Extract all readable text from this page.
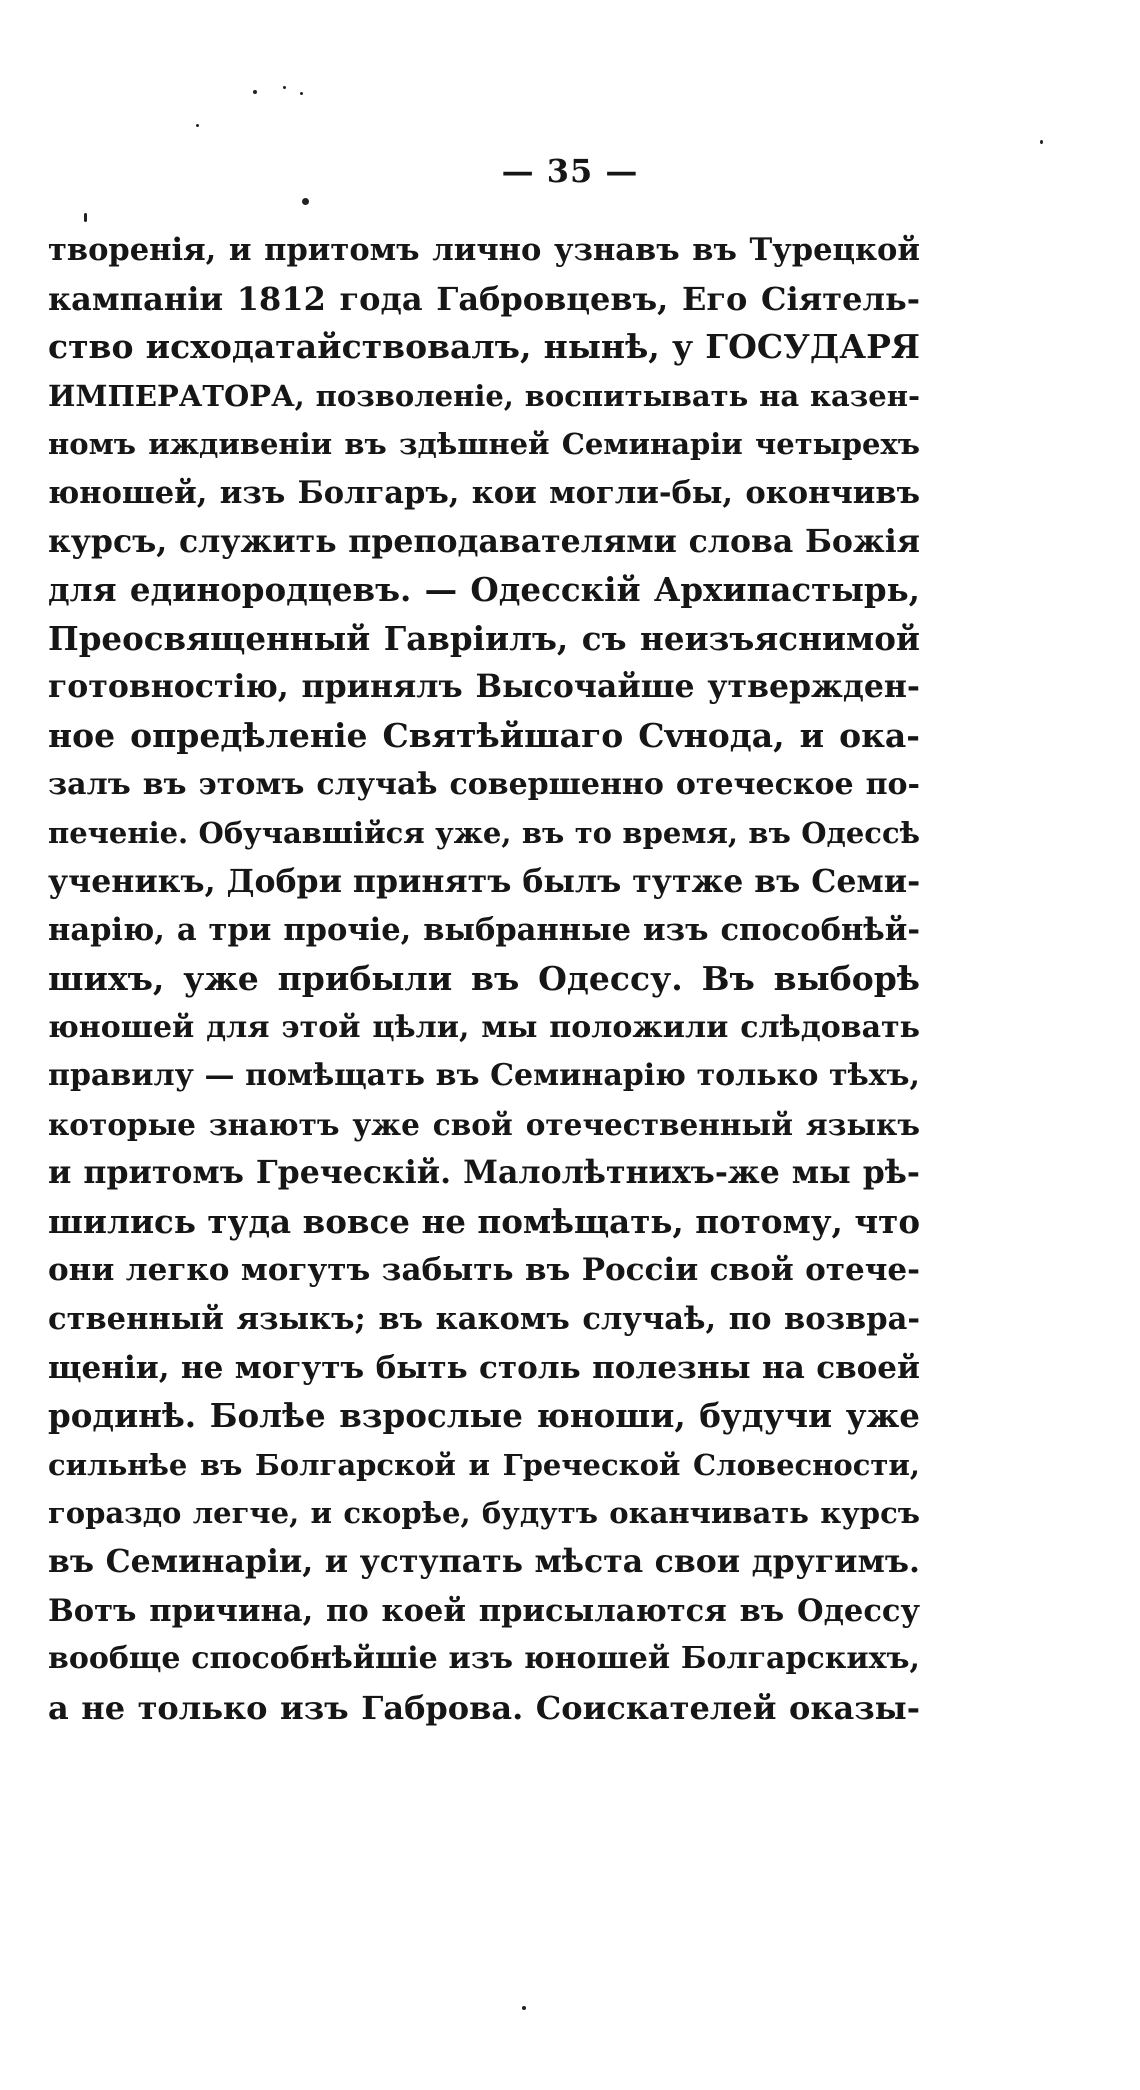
— 35 —
творенія, и притомъ лично узнавъ въ Турецкой
кампаніи 1812 года Габровцевъ, Его Сіятель-
ство исходатайствовалъ, нынѣ, у ГОСУДАРЯ
ИМПЕРАТОРА, позволеніе, воспитывать на казен-
номъ иждивеніи въ здѣшней Семинаріи четырехъ
юношей, изъ Болгаръ, кои могли-бы, окончивъ
курсъ, служить преподавателями слова Божія
для единородцевъ. — Одесскій Архипастырь,
Преосвященный Гавріилъ, съ неизъяснимой
готовностію, принялъ Высочайше утвержден-
ное опредѣленіе Святѣйшаго Сvнода, и ока-
залъ въ этомъ случаѣ совершенно отеческое по-
печеніе. Обучавшійся уже, въ то время, въ Одессѣ
ученикъ, Добри принятъ былъ тутже въ Семи-
нарію, а три прочіе, выбранные изъ способнѣй-
шихъ, уже прибыли въ Одессу. Въ выборѣ
юношей для этой цѣли, мы положили слѣдовать
правилу — помѣщать въ Семинарію только тѣхъ,
которые знаютъ уже свой отечественный языкъ
и притомъ Греческій. Малолѣтнихъ-же мы рѣ-
шились туда вовсе не помѣщать, потому, что
они легко могутъ забыть въ Россіи свой отече-
ственный языкъ; въ какомъ случаѣ, по возвра-
щеніи, не могутъ быть столь полезны на своей
родинѣ. Болѣе взрослые юноши, будучи уже
сильнѣе въ Болгарской и Греческой Словесности,
гораздо легче, и скорѣе, будутъ оканчивать курсъ
въ Семинаріи, и уступать мѣста свои другимъ.
Вотъ причина, по коей присылаются въ Одессу
вообще способнѣйшіе изъ юношей Болгарскихъ,
а не только изъ Габрова. Соискателей оказы-
